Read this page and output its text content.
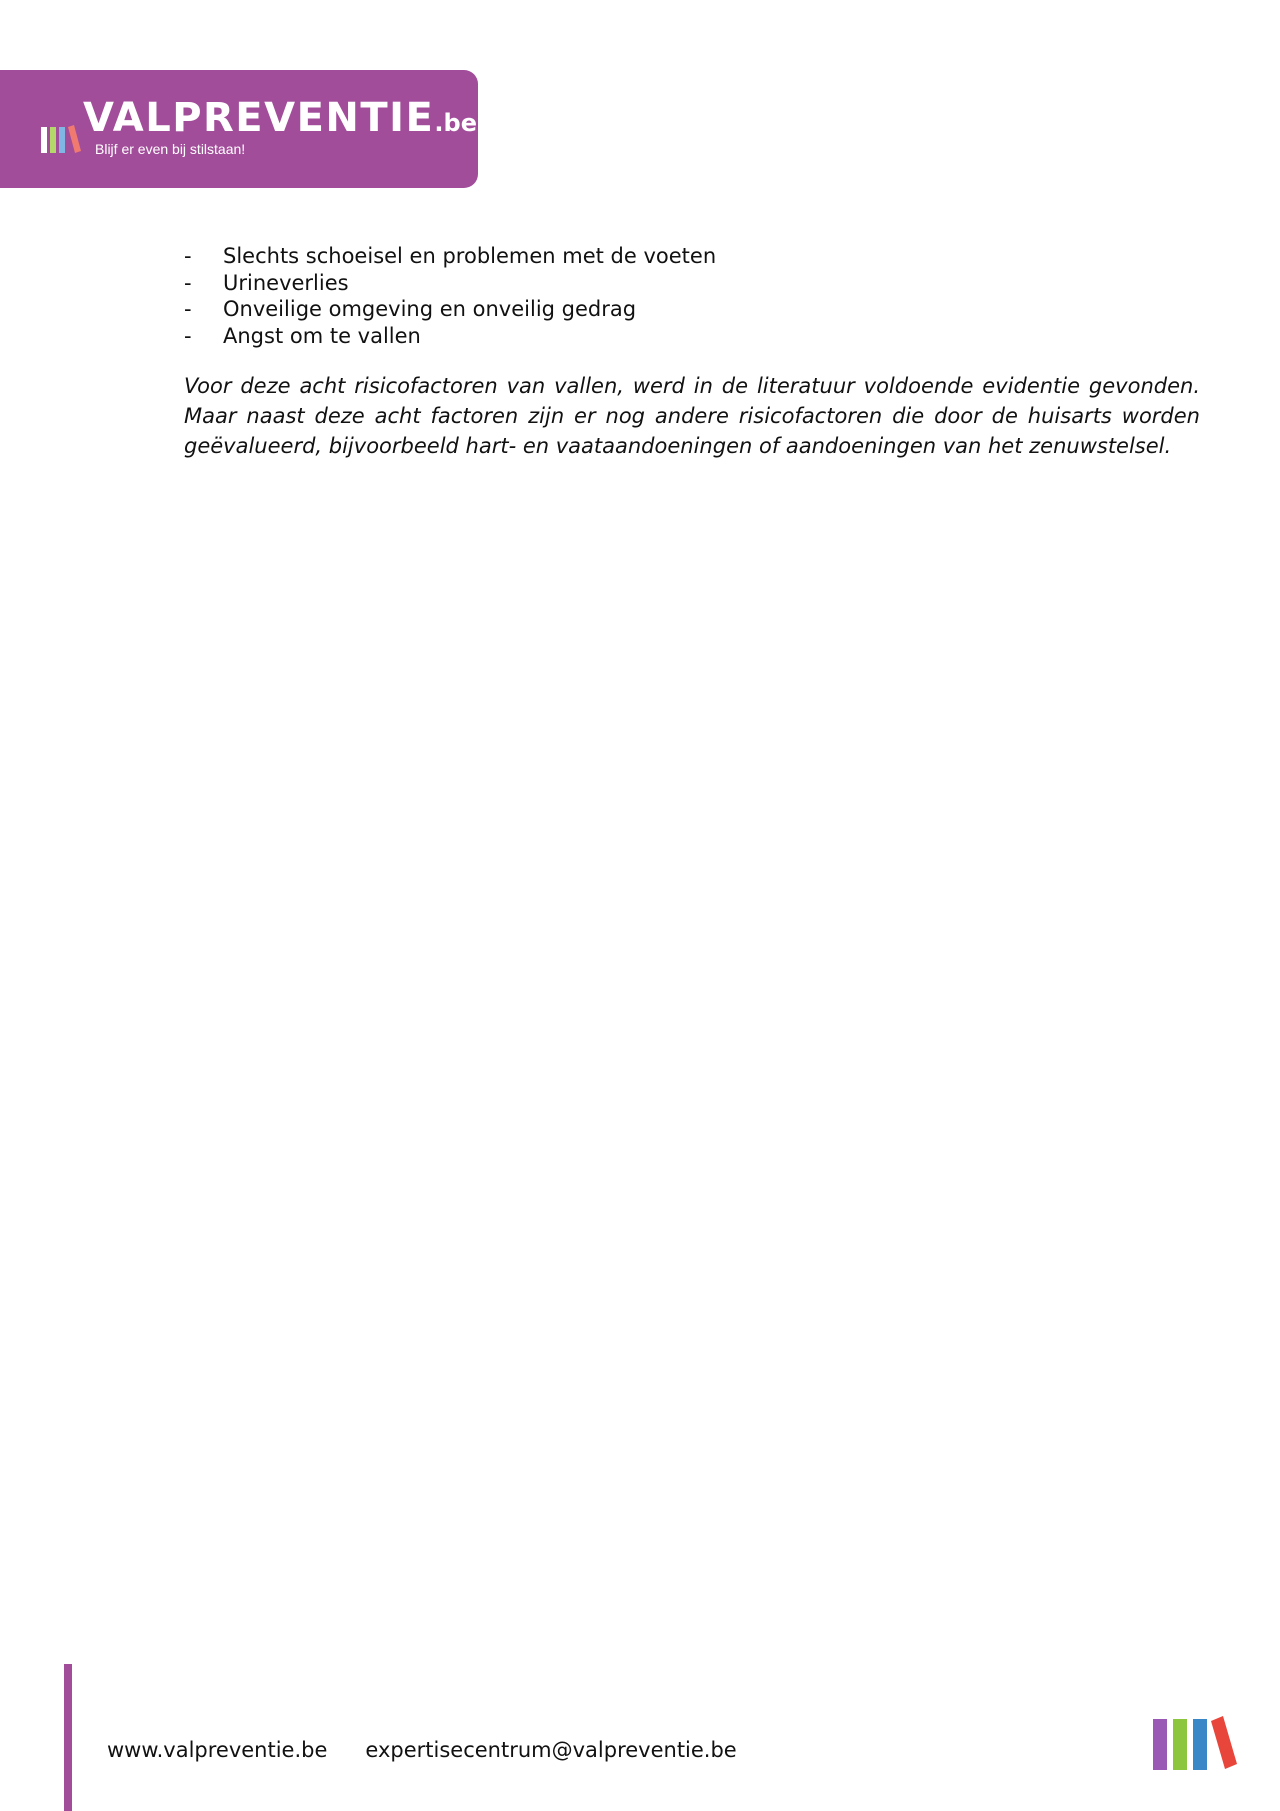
VALPREVENTIE.be
Blijf er even bij stilstaan!
- Slechts schoeisel en problemen met de voeten
- Urineverlies
- Onveilige omgeving en onveilig gedrag
- Angst om te vallen

Voor deze acht risicofactoren van vallen, werd in de literatuur voldoende evidentie gevonden. Maar naast deze acht factoren zijn er nog andere risicofactoren die door de huisarts worden geëvalueerd, bijvoorbeeld hart- en vaataandoeningen of aandoeningen van het zenuwstelsel.

www.valpreventie.be expertisecentrum@valpreventie.be
